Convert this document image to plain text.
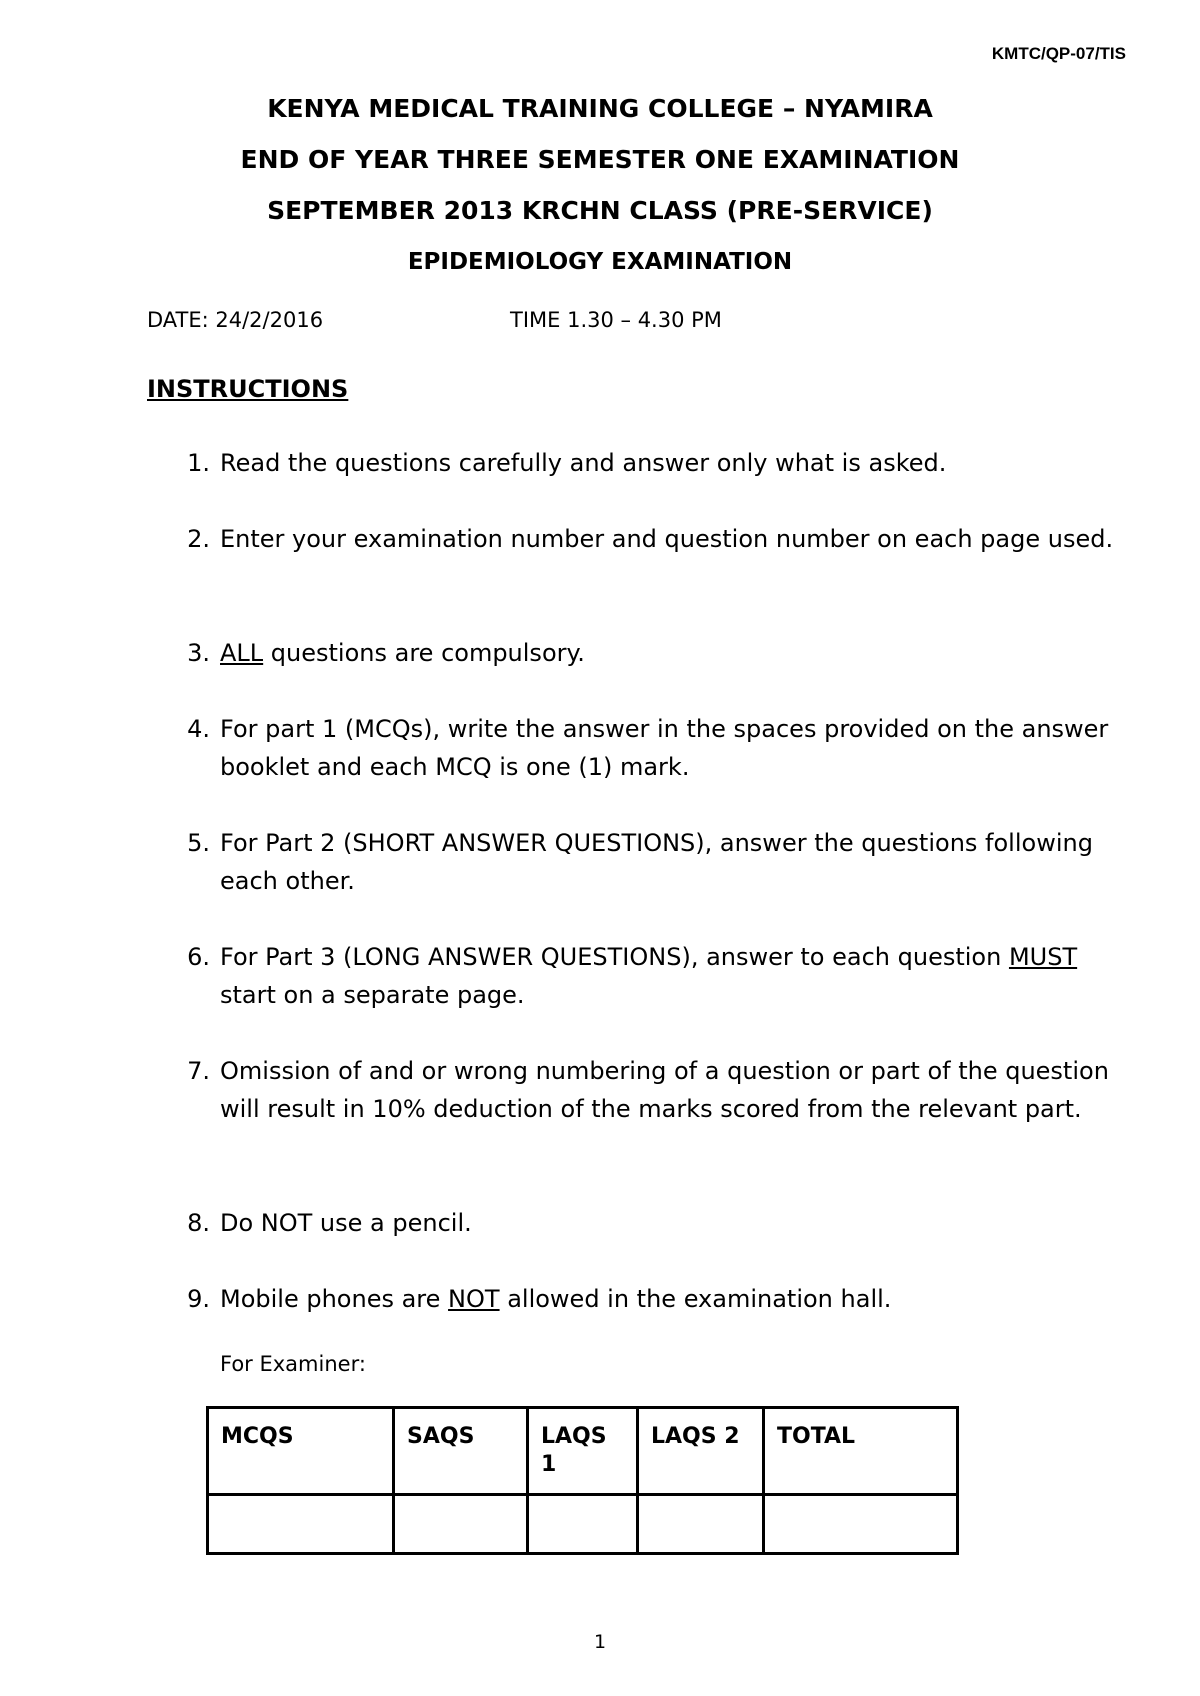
KMTC/QP-07/TIS
KENYA MEDICAL TRAINING COLLEGE – NYAMIRA
END OF YEAR THREE SEMESTER ONE EXAMINATION
SEPTEMBER 2013 KRCHN CLASS (PRE-SERVICE)
EPIDEMIOLOGY EXAMINATION
DATE: 24/2/2016	TIME 1.30 – 4.30 PM
INSTRUCTIONS
1. Read the questions carefully and answer only what is asked.
2. Enter your examination number and question number on each page used.
3. ALL questions are compulsory.
4. For part 1 (MCQs), write the answer in the spaces provided on the answer booklet and each MCQ is one (1) mark.
5. For Part 2 (SHORT ANSWER QUESTIONS), answer the questions following each other.
6. For Part 3 (LONG ANSWER QUESTIONS), answer to each question MUST start on a separate page.
7. Omission of and or wrong numbering of a question or part of the question will result in 10% deduction of the marks scored from the relevant part.
8. Do NOT use a pencil.
9. Mobile phones are NOT allowed in the examination hall.
For Examiner:
MCQS	SAQS	LAQS 1	LAQS 2	TOTAL

1
